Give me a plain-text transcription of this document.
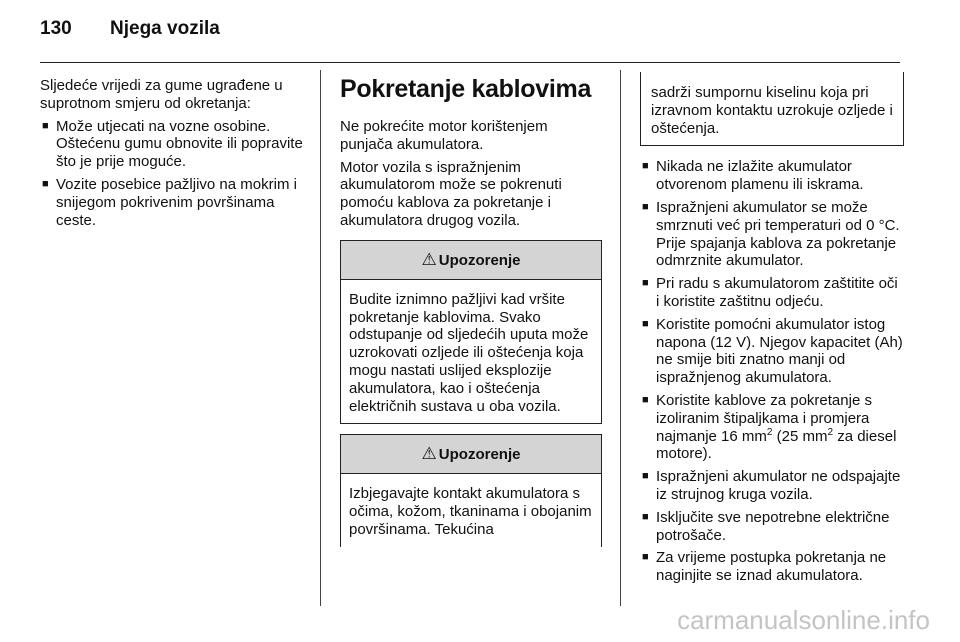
130 Njega vozila

Sljedeće vrijedi za gume ugrađene u suprotnom smjeru od okretanja:

■ Može utjecati na vozne osobine. Oštećenu gumu obnovite ili popravite što je prije moguće.
■ Vozite posebice pažljivo na mokrim i snijegom pokrivenim površinama ceste.
Pokretanje kablovima

Ne pokrećite motor korištenjem punjača akumulatora.

Motor vozila s ispražnjenim akumulatorom može se pokrenuti pomoću kablova za pokretanje i akumulatora drugog vozila.

⚠ Upozorenje
Budite iznimno pažljivi kad vršite pokretanje kablovima. Svako odstupanje od sljedećih uputa može uzrokovati ozljede ili oštećenja koja mogu nastati uslijed eksplozije akumulatora, kao i oštećenja električnih sustava u oba vozila.
⚠ Upozorenje
Izbjegavajte kontakt akumulatora s očima, kožom, tkaninama i obojanim površinama. Tekućina
sadrži sumpornu kiselinu koja pri izravnom kontaktu uzrokuje ozljede i oštećenja.
■ Nikada ne izlažite akumulator otvorenom plamenu ili iskrama.
■ Ispražnjeni akumulator se može smrznuti već pri temperaturi od 0 °C. Prije spajanja kablova za pokretanje odmrznite akumulator.
■ Pri radu s akumulatorom zaštitite oči i koristite zaštitnu odjeću.
■ Koristite pomoćni akumulator istog napona (12 V). Njegov kapacitet (Ah) ne smije biti znatno manji od ispražnjenog akumulatora.
■ Koristite kablove za pokretanje s izoliranim štipaljkama i promjera najmanje 16 $mm^2$ (25 $mm^2$ za diesel motore).
■ Ispražnjeni akumulator ne odspajajte iz strujnog kruga vozila.
■ Isključite sve nepotrebne električne potrošače.
■ Za vrijeme postupka pokretanja ne naginjite se iznad akumulatora.
carmanualsonline.info
